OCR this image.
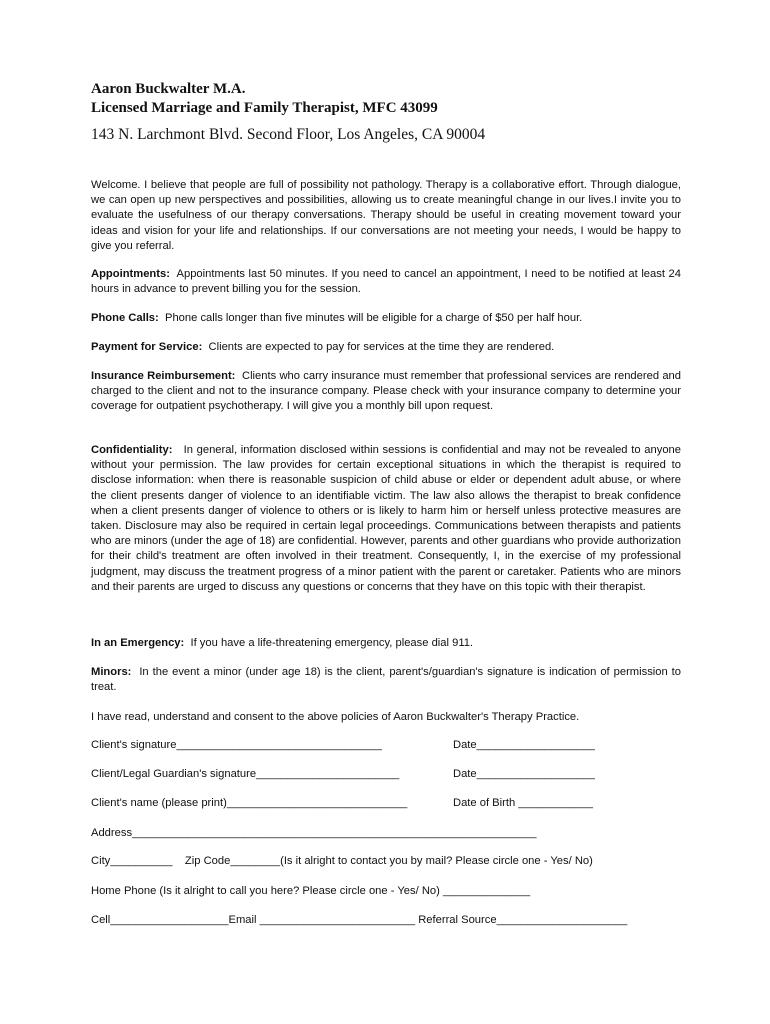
Aaron Buckwalter M.A.
Licensed Marriage and Family Therapist, MFC 43099
143 N. Larchmont Blvd. Second Floor, Los Angeles, CA 90004

Welcome. I believe that people are full of possibility not pathology. Therapy is a collaborative effort. Through dialogue, we can open up new perspectives and possibilities, allowing us to create meaningful change in our lives.I invite you to evaluate the usefulness of our therapy conversations. Therapy should be useful in creating movement toward your ideas and vision for your life and relationships. If our conversations are not meeting your needs, I would be happy to give you referral.

Appointments: Appointments last 50 minutes. If you need to cancel an appointment, I need to be notified at least 24 hours in advance to prevent billing you for the session.

Phone Calls: Phone calls longer than five minutes will be eligible for a charge of $50 per half hour.

Payment for Service: Clients are expected to pay for services at the time they are rendered.

Insurance Reimbursement: Clients who carry insurance must remember that professional services are rendered and charged to the client and not to the insurance company. Please check with your insurance company to determine your coverage for outpatient psychotherapy. I will give you a monthly bill upon request.

Confidentiality: In general, information disclosed within sessions is confidential and may not be revealed to anyone without your permission. The law provides for certain exceptional situations in which the therapist is required to disclose information: when there is reasonable suspicion of child abuse or elder or dependent adult abuse, or where the client presents danger of violence to an identifiable victim. The law also allows the therapist to break confidence when a client presents danger of violence to others or is likely to harm him or herself unless protective measures are taken. Disclosure may also be required in certain legal proceedings. Communications between therapists and patients who are minors (under the age of 18) are confidential. However, parents and other guardians who provide authorization for their child's treatment are often involved in their treatment. Consequently, I, in the exercise of my professional judgment, may discuss the treatment progress of a minor patient with the parent or caretaker. Patients who are minors and their parents are urged to discuss any questions or concerns that they have on this topic with their therapist.

In an Emergency: If you have a life-threatening emergency, please dial 911.

Minors: In the event a minor (under age 18) is the client, parent's/guardian's signature is indication of permission to treat.

I have read, understand and consent to the above policies of Aaron Buckwalter's Therapy Practice.

Client's signature_________________________________	Date___________________
Client/Legal Guardian's signature_______________________	Date___________________
Client's name (please print)_____________________________	Date of Birth ____________
Address_________________________________________________________________
City__________    Zip Code________(Is it alright to contact you by mail? Please circle one - Yes/ No)
Home Phone (Is it alright to call you here? Please circle one - Yes/ No) ______________
Cell___________________Email _________________________ Referral Source_____________________
